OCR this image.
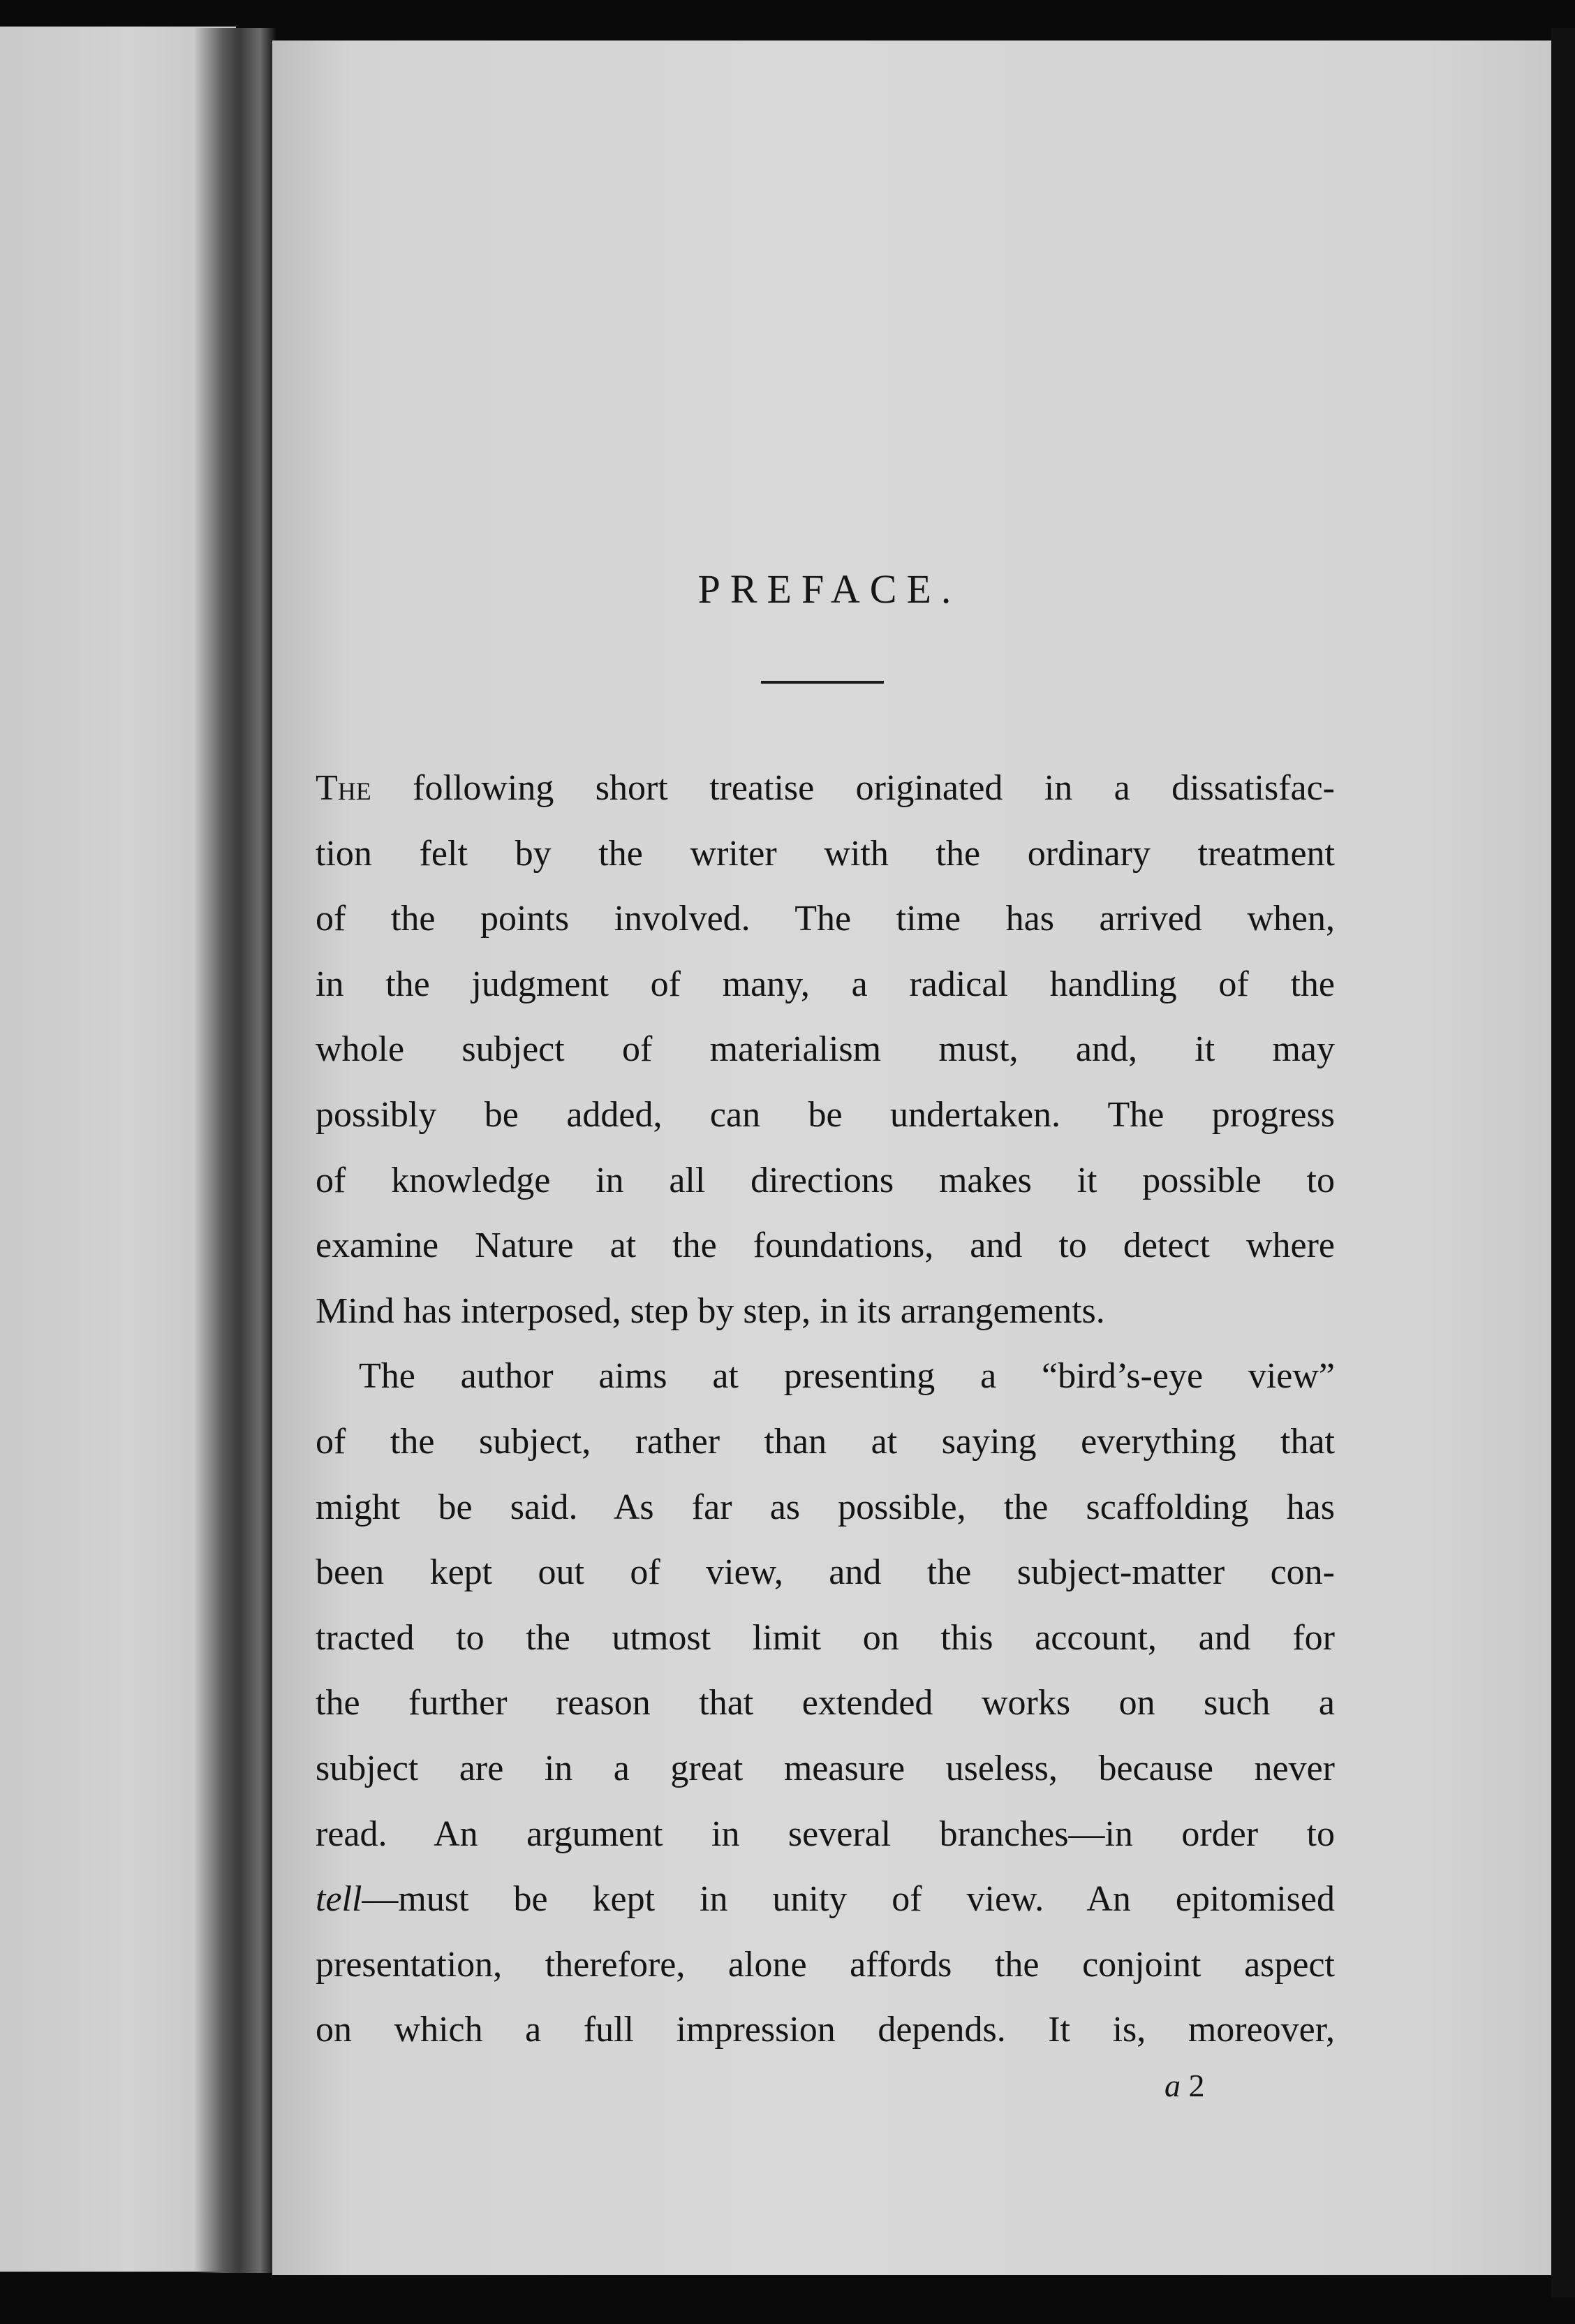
PREFACE.
The following short treatise originated in a dissatisfac-
tion felt by the writer with the ordinary treatment
of the points involved. The time has arrived when,
in the judgment of many, a radical handling of the
whole subject of materialism must, and, it may
possibly be added, can be undertaken. The progress
of knowledge in all directions makes it possible to
examine Nature at the foundations, and to detect where
Mind has interposed, step by step, in its arrangements.
The author aims at presenting a “bird’s-eye view”
of the subject, rather than at saying everything that
might be said. As far as possible, the scaffolding has
been kept out of view, and the subject-matter con-
tracted to the utmost limit on this account, and for
the further reason that extended works on such a
subject are in a great measure useless, because never
read. An argument in several branches—in order to
tell—must be kept in unity of view. An epitomised
presentation, therefore, alone affords the conjoint aspect
on which a full impression depends. It is, moreover,
a 2
